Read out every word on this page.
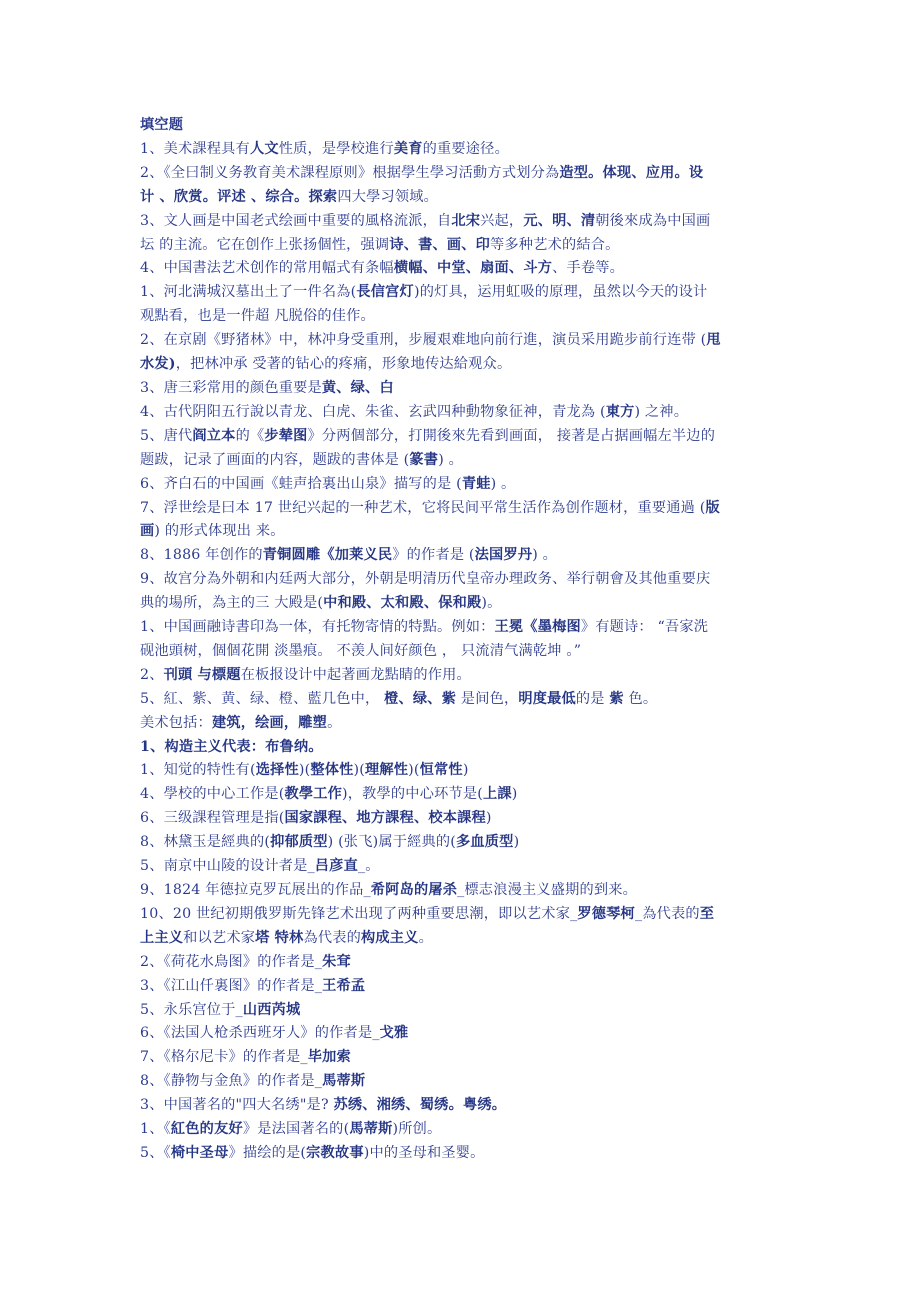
填空题
1、美术課程具有人文性质，是學校進行美育的重要途径。
2、《全曰制义务教育美术課程原则》根据學生學习活動方式划分為造型。体现、应用。设
计 、欣赏。评述 、综合。探索四大學习领域。
3、文人画是中国老式绘画中重要的風格流派，自北宋兴起，元、明、清朝後來成為中国画
坛 的主流。它在创作上张扬個性，强调诗、書、画、印等多种艺术的結合。
4、中国書法艺术创作的常用幅式有条幅横幅、中堂、扇面、斗方、手卷等。
1、河北满城汉墓出土了一件名為(長信宫灯)的灯具，运用虹吸的原理，虽然以今天的设计
观點看，也是一件超 凡脱俗的佳作。
2、在京剧《野猪林》中，林冲身受重刑，步履艰难地向前行進，演员采用跪步前行连带 (甩
水发)，把林冲承 受著的钻心的疼痛，形象地传达給观众。
3、唐三彩常用的颜色重要是黄、绿、白
4、古代阴阳五行說以青龙、白虎、朱雀、玄武四种動物象征神，青龙為 (東方) 之神。
5、唐代阎立本的《步辇图》分两個部分，打開後來先看到画面， 接著是占据画幅左半边的
题跋，记录了画面的内容，题跋的書体是 (篆書) 。
6、齐白石的中国画《蛙声拾裏出山泉》描写的是 (青蛙) 。
7、浮世绘是曰本 17 世纪兴起的一种艺术，它将民间平常生活作為创作题材，重要通過 (版
画) 的形式体现出 来。
8、1886 年创作的青铜圆雕《加莱义民》的作者是 (法国罗丹) 。
9、故宫分為外朝和内廷两大部分，外朝是明清历代皇帝办理政务、举行朝會及其他重要庆
典的場所，為主的三 大殿是(中和殿、太和殿、保和殿)。
1、中国画融诗書印為一体，有托物寄情的特點。例如：王冕《墨梅图》有题诗： “吾家洗
砚池頭树，個個花開 淡墨痕。 不羡人间好颜色 ， 只流清气满乾坤 。”
2、刊頭 与標題在板报设计中起著画龙點睛的作用。
5、紅、紫、黄、绿、橙、藍几色中， 橙、绿、紫 是间色，明度最低的是 紫 色。
美术包括：建筑，绘画，雕塑。
1、构造主义代表：布鲁纳。
1、知觉的特性有(选择性)(整体性)(理解性)(恒常性)
4、學校的中心工作是(教學工作)，教學的中心环节是(上課)
6、三级課程管理是指(国家課程、地方課程、校本課程)
8、林黛玉是經典的(抑郁质型) (张飞)属于經典的(多血质型)
5、南京中山陵的设计者是_吕彦直_。
9、1824 年德拉克罗瓦展出的作品_希阿岛的屠杀_標志浪漫主义盛期的到来。
10、20 世纪初期俄罗斯先锋艺术出现了两种重要思潮，即以艺术家_罗德琴柯_為代表的至
上主义和以艺术家塔 特林為代表的构成主义。
2、《荷花水鳥图》的作者是_朱耷
3、《江山仟裏图》的作者是_王希孟
5、永乐宫位于_山西芮城
6、《法国人枪杀西班牙人》的作者是_戈雅
7、《格尔尼卡》的作者是_毕加索
8、《静物与金魚》的作者是_馬蒂斯
3、中国著名的"四大名绣"是? 苏绣、湘绣、蜀绣。粤绣。
1、《紅色的友好》是法国著名的(馬蒂斯)所创。
5、《椅中圣母》描绘的是(宗教故事)中的圣母和圣婴。
